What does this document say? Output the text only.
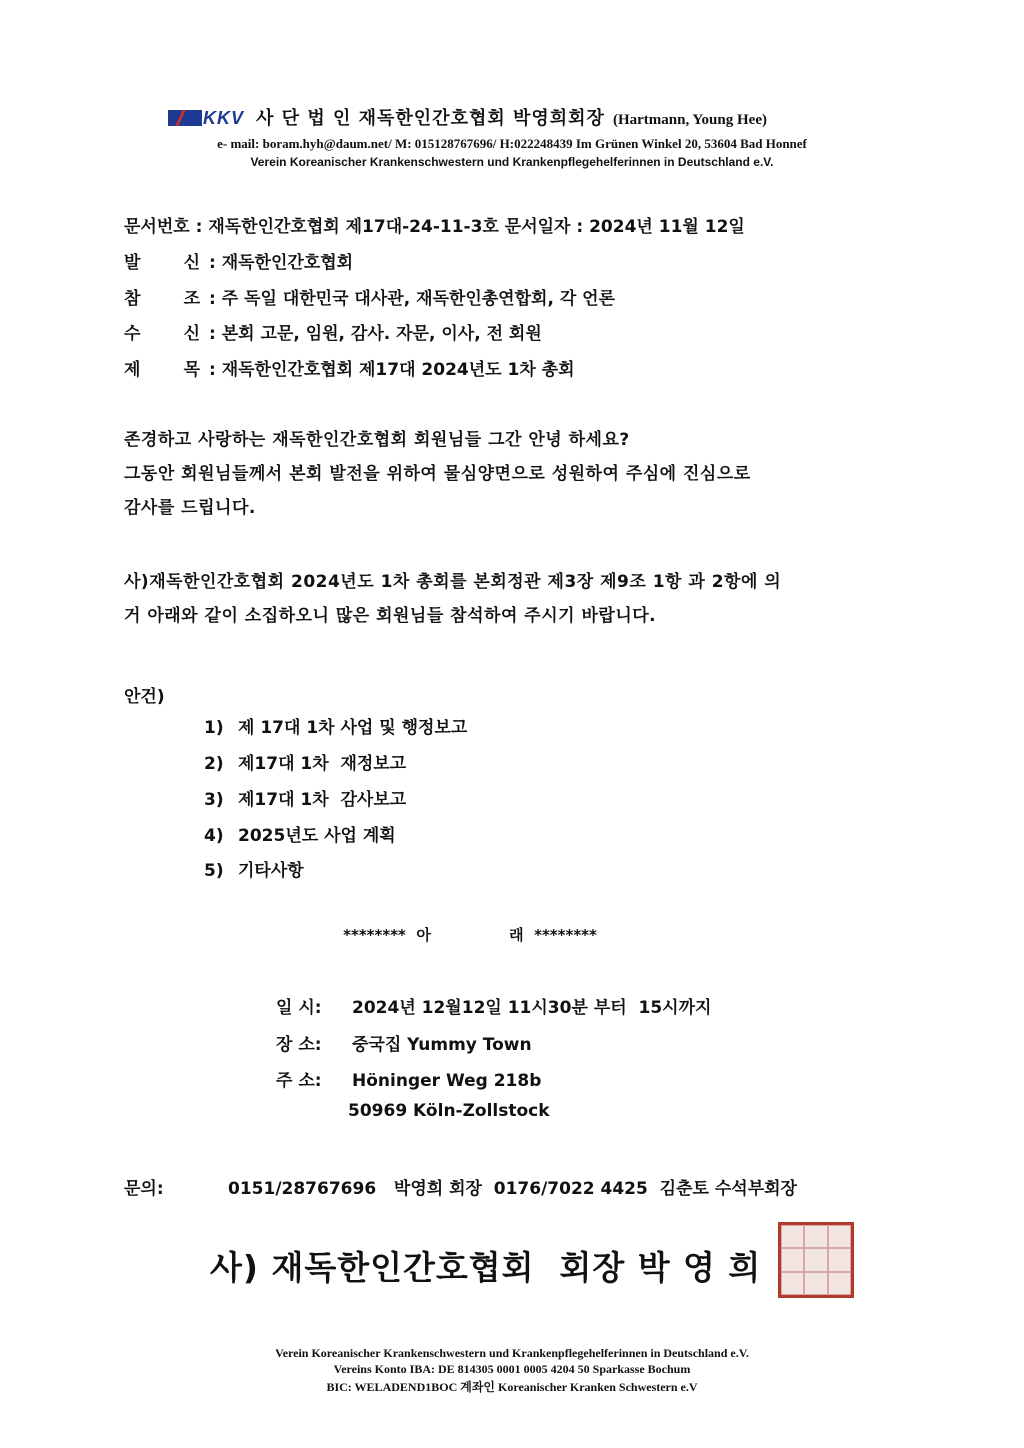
KKV 사 단 법 인 재독한인간호협회 박영희회장 (Hartmann, Young Hee)
e- mail: boram.hyh@daum.net/ M: 015128767696/ H:022248439 Im Grünen Winkel 20, 53604 Bad Honnef
Verein Koreanischer Krankenschwestern und Krankenpflegehelferinnen in Deutschland e.V.
문서번호 : 재독한인간호협회 제17대-24-11-3호 문서일자 : 2024년 11월 12일
발	신 : 재독한인간호협회
참	조 : 주 독일 대한민국 대사관, 재독한인총연합회, 각 언론
수	신 : 본회 고문, 임원, 감사. 자문, 이사, 전 회원
제	목 : 재독한인간호협회 제17대 2024년도 1차 총회
존경하고 사랑하는 재독한인간호협회 회원님들 그간 안녕 하세요?
그동안 회원님들께서 본회 발전을 위하여 물심양면으로 성원하여 주심에 진심으로
감사를 드립니다.
사)재독한인간호협회 2024년도 1차 총회를 본회정관 제3장 제9조 1항 과 2항에 의
거 아래와 같이 소집하오니 많은 회원님들 참석하여 주시기 바랍니다.
안건)
1) 제 17대 1차 사업 및 행정보고
2) 제17대 1차  재정보고
3) 제17대 1차  감사보고
4) 2025년도 사업 계획
5) 기타사항
********  아               래  ********
일 시: 2024년 12월12일 11시30분 부터  15시까지
장 소: 중국집 Yummy Town
주 소: Höninger Weg 218b
50969 Köln-Zollstock
문의:	0151/28767696   박영희 회장  0176/7022 4425  김춘토 수석부회장
사) 재독한인간호협회  회장 박 영 희
Verein Koreanischer Krankenschwestern und Krankenpflegehelferinnen in Deutschland e.V.
Vereins Konto IBA: DE 814305 0001 0005 4204 50 Sparkasse Bochum
BIC: WELADEND1BOC 계좌인 Koreanischer Kranken Schwestern e.V
